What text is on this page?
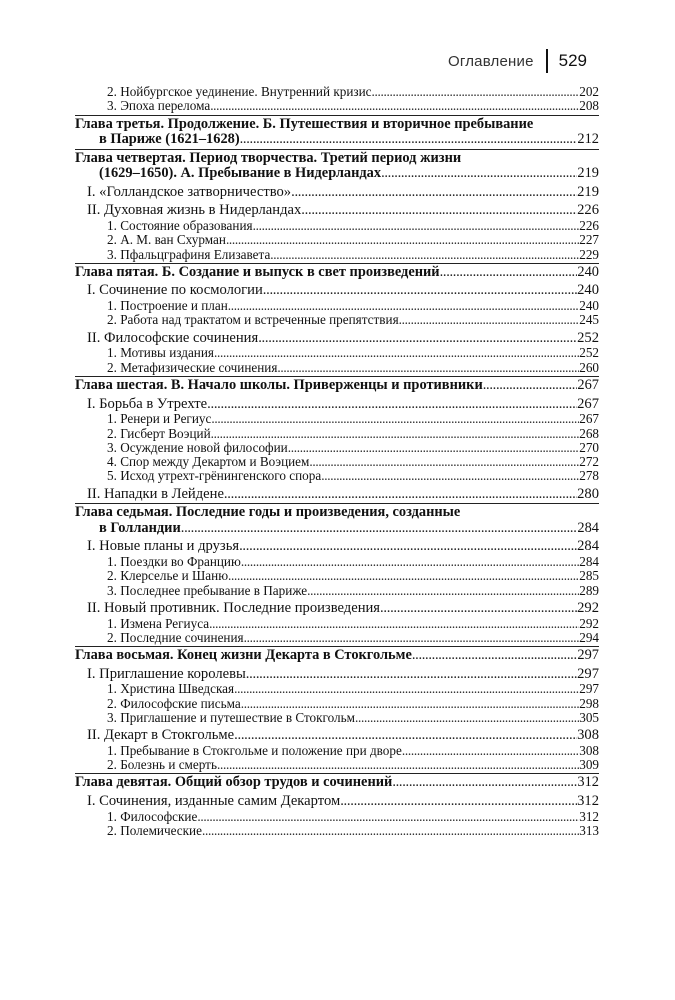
Оглавление 529
2. Нойбургское уединение. Внутренний кризис .....	202
3. Эпоха перелома .....	208
Глава третья. Продолжение. Б. Путешествия и вторичное пребывание
в Париже (1621–1628) .....	212
Глава четвертая. Период творчества. Третий период жизни
(1629–1650). А. Пребывание в Нидерландах .....	219
I. «Голландское затворничество» .....	219
II. Духовная жизнь в Нидерландах .....	226
1. Состояние образования .....	226
2. А. М. ван Схурман .....	227
3. Пфальцграфиня Елизавета .....	229
Глава пятая. Б. Создание и выпуск в свет произведений .....	240
I. Сочинение по космологии .....	240
1. Построение и план .....	240
2. Работа над трактатом и встреченные препятствия .....	245
II. Философские сочинения .....	252
1. Мотивы издания .....	252
2. Метафизические сочинения .....	260
Глава шестая. В. Начало школы. Приверженцы и противники .....	267
I. Борьба в Утрехте .....	267
1. Ренери и Региус .....	267
2. Гисберт Воэций .....	268
3. Осуждение новой философии .....	270
4. Спор между Декартом и Воэцием .....	272
5. Исход утрехт-грёнингенского спора .....	278
II. Нападки в Лейдене .....	280
Глава седьмая. Последние годы и произведения, созданные
в Голландии .....	284
I. Новые планы и друзья .....	284
1. Поездки во Францию .....	284
2. Клерселье и Шаню .....	285
3. Последнее пребывание в Париже .....	289
II. Новый противник. Последние произведения .....	292
1. Измена Региуса .....	292
2. Последние сочинения .....	294
Глава восьмая. Конец жизни Декарта в Стокгольме .....	297
I. Приглашение королевы .....	297
1. Христина Шведская .....	297
2. Философские письма .....	298
3. Приглашение и путешествие в Стокгольм .....	305
II. Декарт в Стокгольме .....	308
1. Пребывание в Стокгольме и положение при дворе .....	308
2. Болезнь и смерть .....	309
Глава девятая. Общий обзор трудов и сочинений .....	312
I. Сочинения, изданные самим Декартом .....	312
1. Философские .....	312
2. Полемические .....	313
